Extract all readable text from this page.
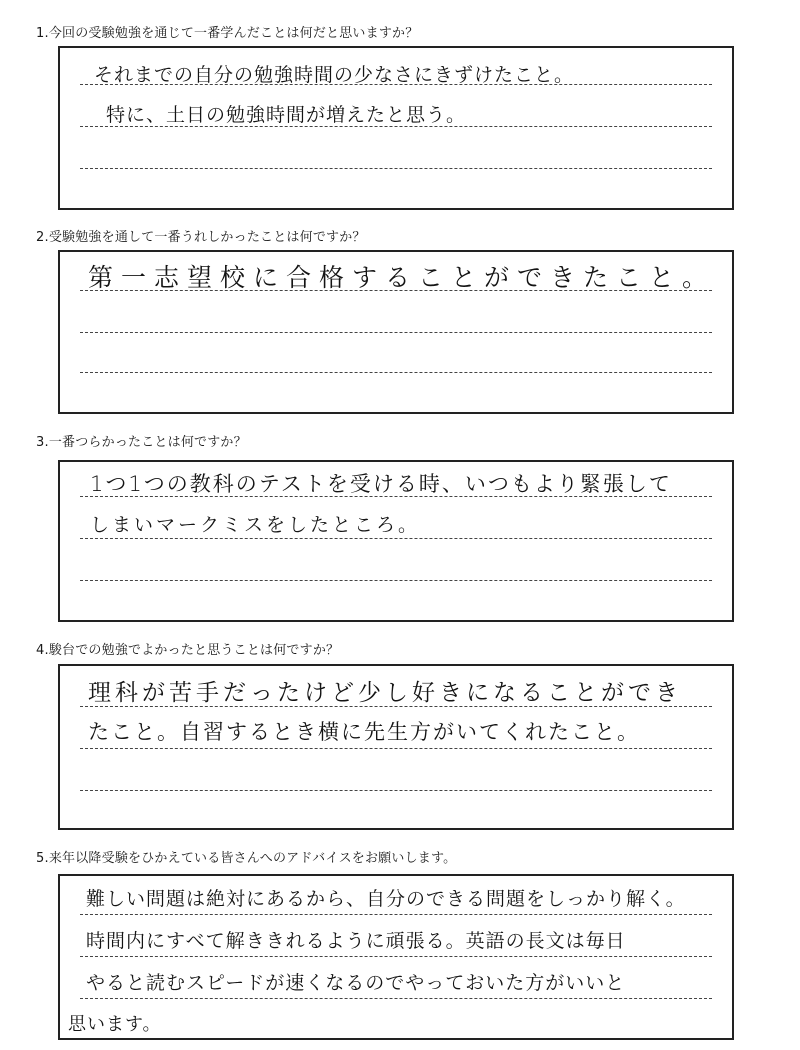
1.今回の受験勉強を通じて一番学んだことは何だと思いますか？
それまでの自分の勉強時間の少なさにきずけたこと。
特に、土日の勉強時間が増えたと思う。
2.受験勉強を通して一番うれしかったことは何ですか？
第一志望校に合格することができたこと。
3.一番つらかったことは何ですか？
1つ1つの教科のテストを受ける時、いつもより緊張して
しまいマークミスをしたところ。
4.駿台での勉強でよかったと思うことは何ですか？
理科が苦手だったけど少し好きになることができ
たこと。自習するとき横に先生方がいてくれたこと。
5.来年以降受験をひかえている皆さんへのアドバイスをお願いします。
難しい問題は絶対にあるから、自分のできる問題をしっかり解く。
時間内にすべて解ききれるように頑張る。英語の長文は毎日
やると読むスピードが速くなるのでやっておいた方がいいと
思います。
